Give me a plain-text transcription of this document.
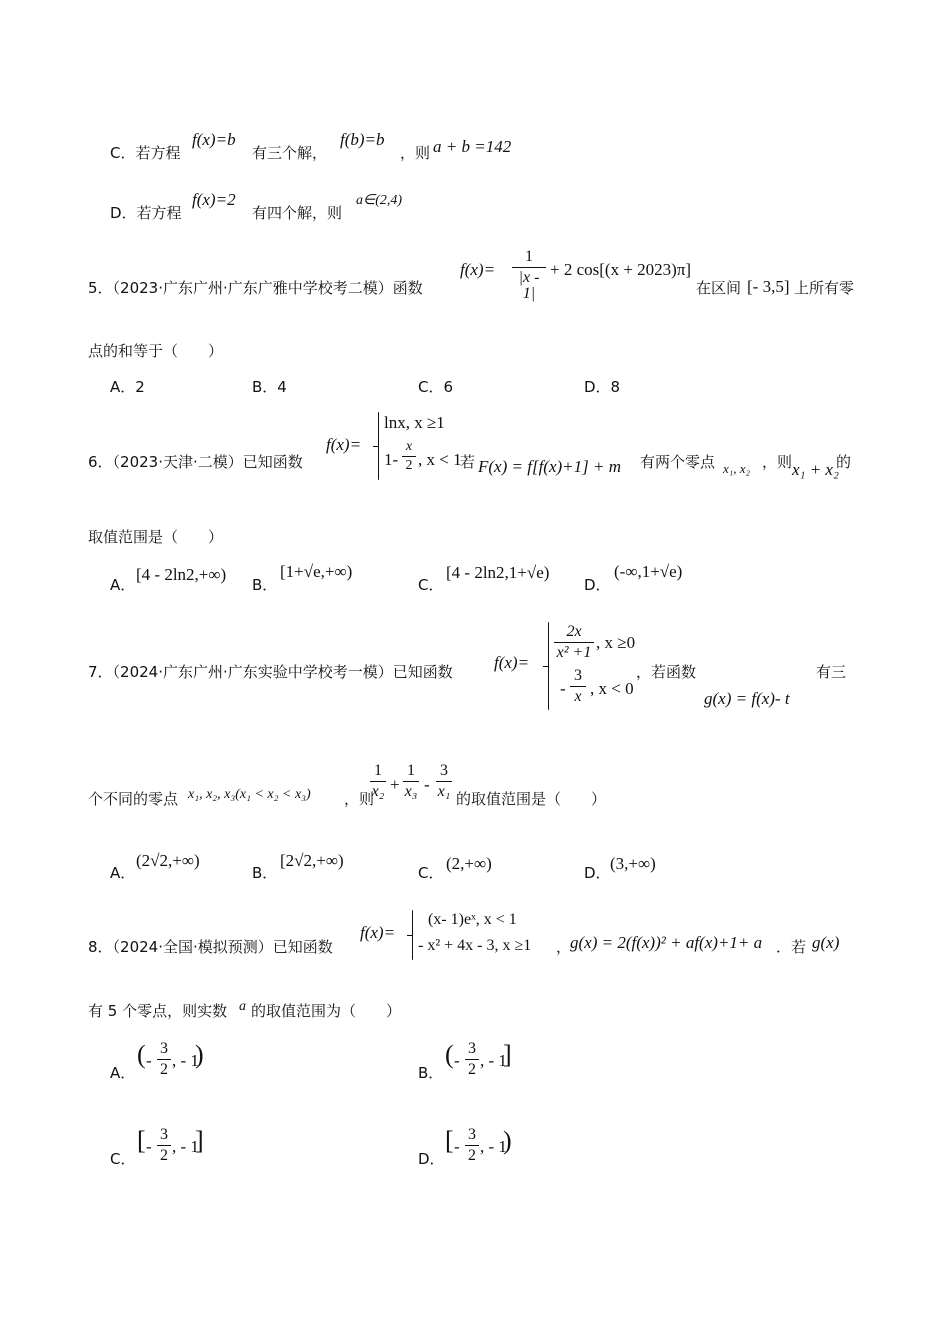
C．若方程
f(x)=b
有三个解，
f(b)=b
，则 a + b =142
D．若方程
f(x)=2
有四个解，则
a∈(2,4)
5．（2023·广东广州·广东广雅中学校考二模）函数
f(x)=
1
|x - 1|
+ 2 cos[(x + 2023)π]
在区间 [- 3,5] 上所有零
点的和等于（　　）
A．2	B．4	C．6	D．8
6．（2023·天津·二模）已知函数
f(x)=
lnx, x ≥1
1-
x
2 , x < 1
若 F(x) = f[f(x)+1] + m 有两个零点 x₁, x₂ ，则 x₁ + x₂
的
取值范围是（　　）
A．
[4 - 2ln2,+∞)
B．
[1+√e,+∞)
C．
[4 - 2ln2,1+√e)
D．
(-∞,1+√e)
7．（2024·广东广州·广东实验中学校考一模）已知函数 f(x)=
2x
x² +1
, x ≥0
-
3
x , x < 0
，若函数	有三
g(x) = f(x)- t
个不同的零点 x₁, x₂, x₃(x₁ < x₂ < x₃) ，则
1
x₂ +
1
x₃ -
3
x₁ 的取值范围是（　　）
A．
(2√2,+∞)
B．
[2√2,+∞)
C． (2,+∞)	D． (3,+∞)
8．（2024·全国·模拟预测）已知函数
f(x)=
(x- 1)eˣ, x < 1
- x² + 4x - 3, x ≥1 ，
g(x) = 2(f(x))² + af(x)+1+ a ．若 g(x)
有 5 个零点，则实数 a 的取值范围为（　　）
A．
( -
3
2 , - 1
)
B．
( -
3
2 , - 1
]
C．
[ -
3
2 , - 1
]
D．
[ -
3
2 , - 1
)
